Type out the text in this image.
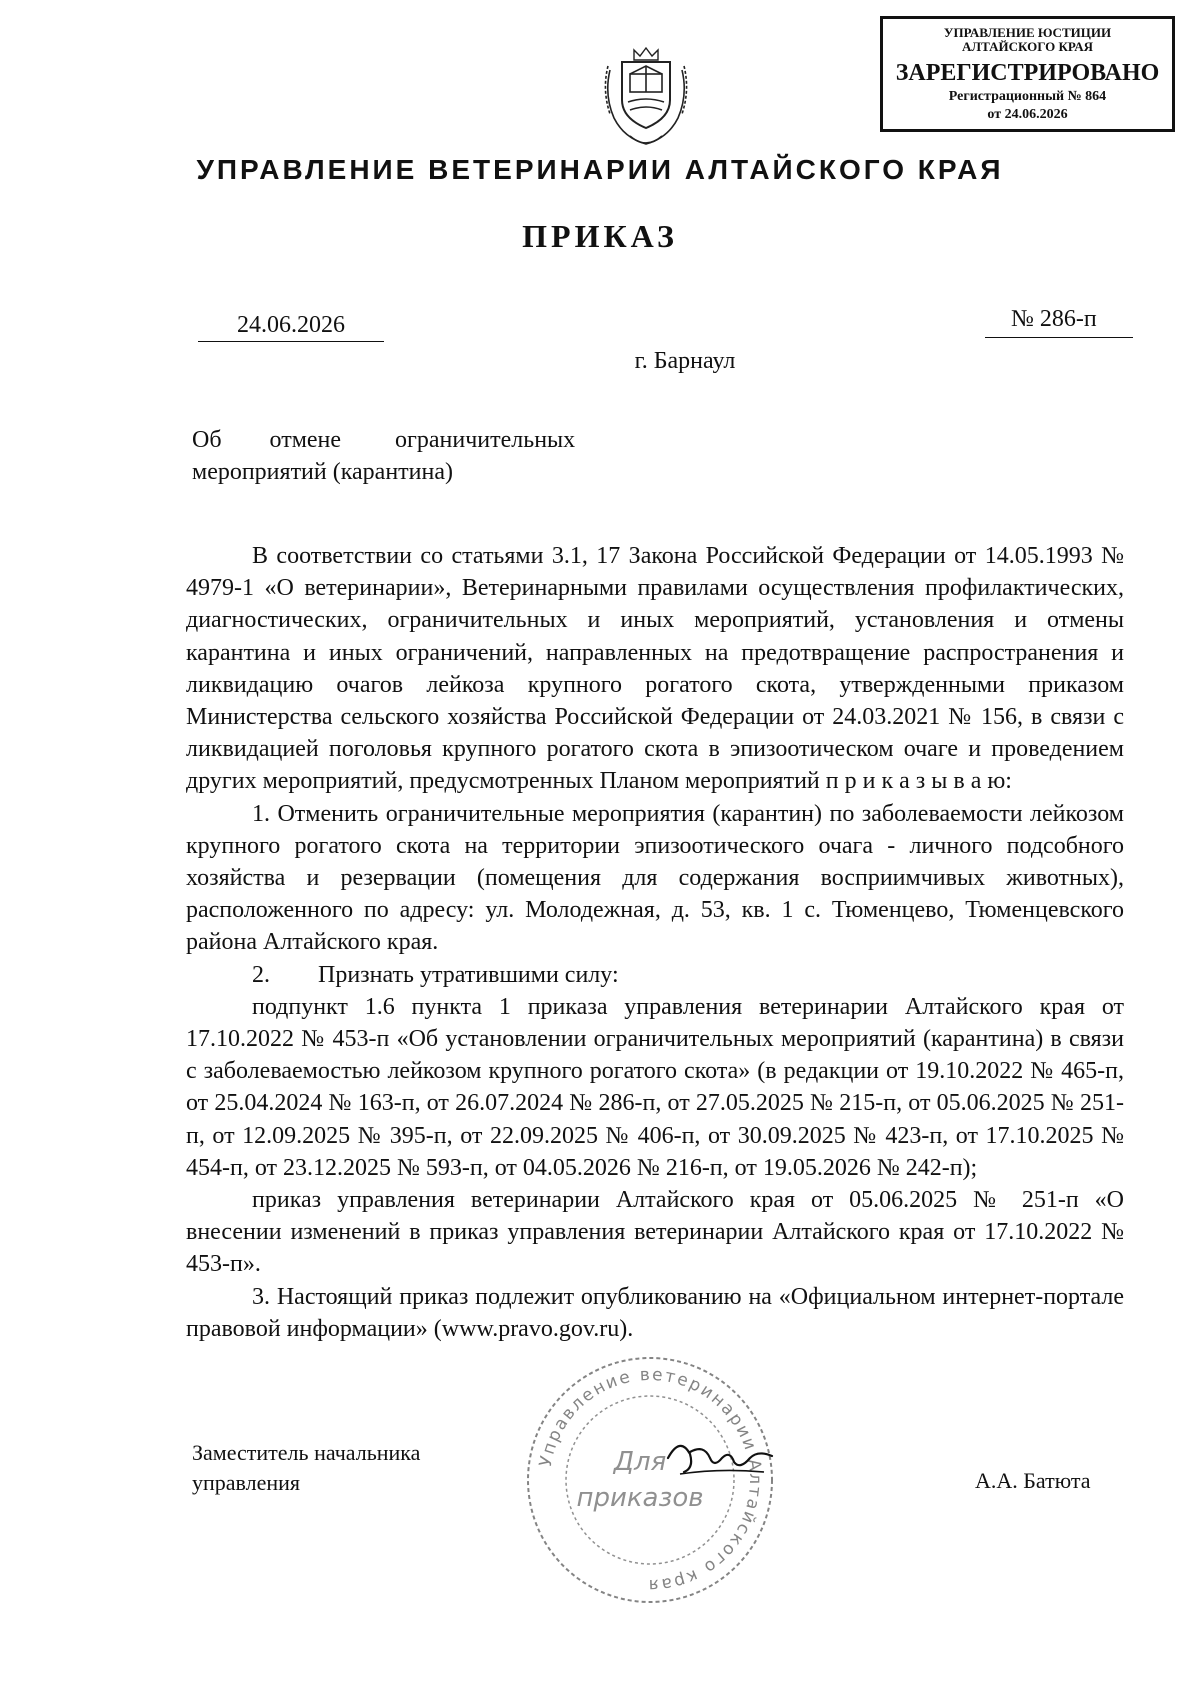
УПРАВЛЕНИЕ ЮСТИЦИИ
АЛТАЙСКОГО КРАЯ
ЗАРЕГИСТРИРОВАНО
Регистрационный № 864
от 24.06.2026
УПРАВЛЕНИЕ ВЕТЕРИНАРИИ АЛТАЙСКОГО КРАЯ
ПРИКАЗ
24.06.2026	№ 286-п
г. Барнаул
Об        отмене         ограничительных
мероприятий (карантина)

В соответствии со статьями 3.1, 17 Закона Российской Федерации от 14.05.1993 № 4979-1 «О ветеринарии», Ветеринарными правилами осуществления профилактических, диагностических, ограничительных и иных мероприятий, установления и отмены карантина и иных ограничений, направленных на предотвращение распространения и ликвидацию очагов лейкоза крупного рогатого скота, утвержденными приказом Министерства сельского хозяйства Российской Федерации от 24.03.2021 № 156, в связи с ликвидацией поголовья крупного рогатого скота в эпизоотическом очаге и проведением других мероприятий, предусмотренных Планом мероприятий п р и к а з ы в а ю:

1. Отменить ограничительные мероприятия (карантин) по заболеваемости лейкозом крупного рогатого скота на территории эпизоотического очага - личного подсобного хозяйства и резервации (помещения для содержания восприимчивых животных), расположенного по адресу: ул. Молодежная, д. 53, кв. 1 с. Тюменцево, Тюменцевского района Алтайского края.

2.        Признать утратившими силу:

подпункт 1.6 пункта 1 приказа управления ветеринарии Алтайского края от 17.10.2022 № 453-п «Об установлении ограничительных мероприятий (карантина) в связи с заболеваемостью лейкозом крупного рогатого скота» (в редакции от 19.10.2022 № 465-п, от 25.04.2024 № 163-п, от 26.07.2024 № 286-п, от 27.05.2025 № 215-п, от 05.06.2025 № 251-п, от 12.09.2025 № 395-п, от 22.09.2025 № 406-п, от 30.09.2025 № 423-п, от 17.10.2025 № 454-п, от 23.12.2025 № 593-п, от 04.05.2026 № 216-п, от 19.05.2026 № 242-п);

приказ управления ветеринарии Алтайского края от 05.06.2025 № 251-п «О внесении изменений в приказ управления ветеринарии Алтайского края от 17.10.2022 № 453-п».

3. Настоящий приказ подлежит опубликованию на «Официальном интернет-портале правовой информации» (www.pravo.gov.ru).

Управление ветеринарии Алтайского края
Для
приказов
Заместитель начальника
управления	А.А. Батюта
